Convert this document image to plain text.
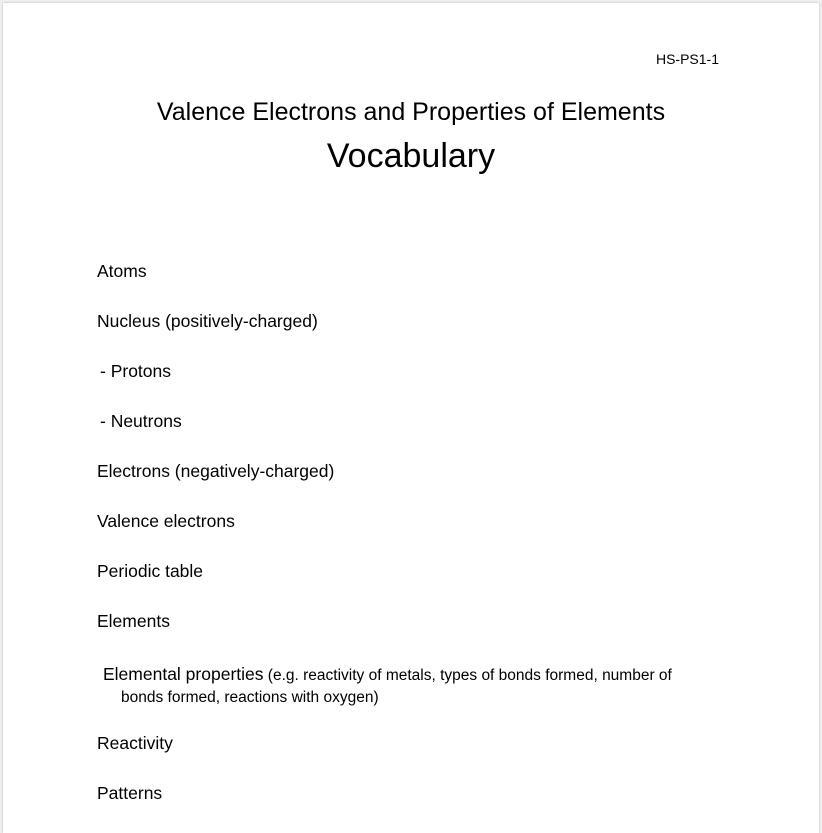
HS-PS1-1
Valence Electrons and Properties of Elements
Vocabulary
Atoms
Nucleus (positively-charged)
- Protons
- Neutrons
Electrons (negatively-charged)
Valence electrons
Periodic table
Elements
Elemental properties (e.g. reactivity of metals, types of bonds formed, number of
bonds formed, reactions with oxygen)
Reactivity
Patterns
